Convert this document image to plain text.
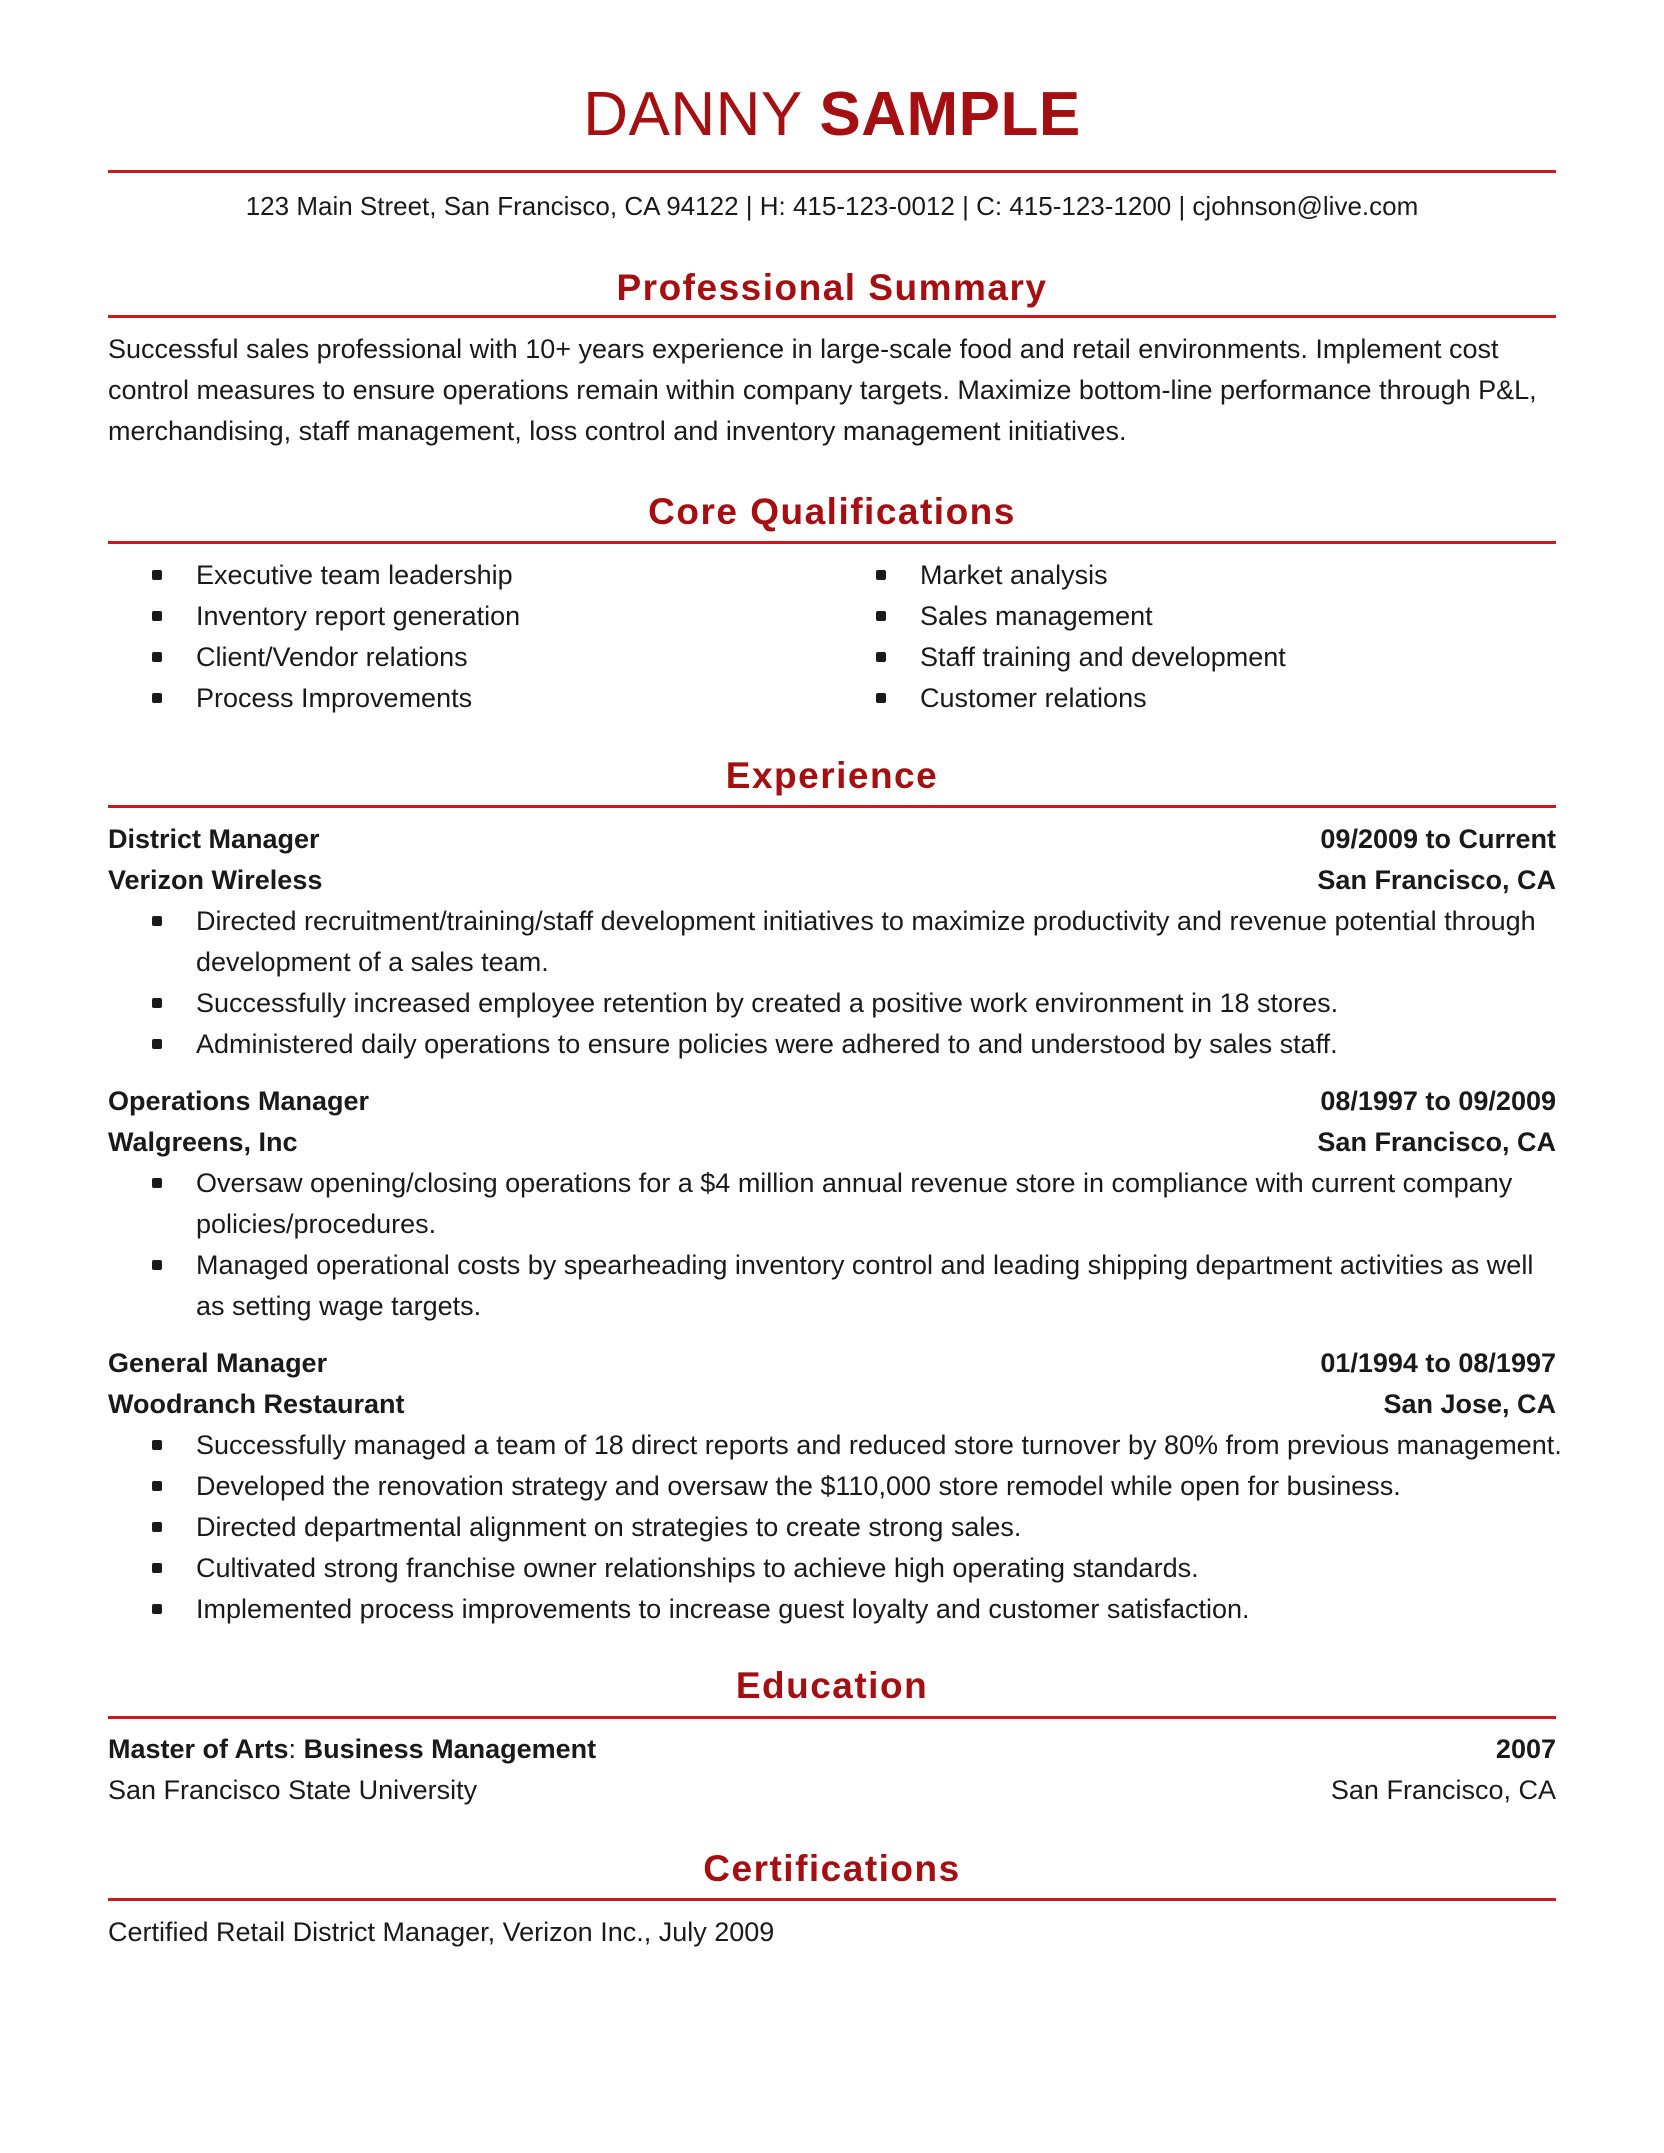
DANNY SAMPLE
123 Main Street, San Francisco, CA 94122 | H: 415-123-0012 | C: 415-123-1200 | cjohnson@live.com
Professional Summary
Successful sales professional with 10+ years experience in large-scale food and retail environments. Implement cost control measures to ensure operations remain within company targets. Maximize bottom-line performance through P&L, merchandising, staff management, loss control and inventory management initiatives.
Core Qualifications
Executive team leadership
Inventory report generation
Client/Vendor relations
Process Improvements
Market analysis
Sales management
Staff training and development
Customer relations
Experience
District Manager	09/2009 to Current
Verizon Wireless	San Francisco, CA
Directed recruitment/training/staff development initiatives to maximize productivity and revenue potential through development of a sales team.
Successfully increased employee retention by created a positive work environment in 18 stores.
Administered daily operations to ensure policies were adhered to and understood by sales staff.
Operations Manager	08/1997 to 09/2009
Walgreens, Inc	San Francisco, CA
Oversaw opening/closing operations for a $4 million annual revenue store in compliance with current company policies/procedures.
Managed operational costs by spearheading inventory control and leading shipping department activities as well as setting wage targets.
General Manager	01/1994 to 08/1997
Woodranch Restaurant	San Jose, CA
Successfully managed a team of 18 direct reports and reduced store turnover by 80% from previous management.
Developed the renovation strategy and oversaw the $110,000 store remodel while open for business.
Directed departmental alignment on strategies to create strong sales.
Cultivated strong franchise owner relationships to achieve high operating standards.
Implemented process improvements to increase guest loyalty and customer satisfaction.
Education
Master of Arts: Business Management	2007
San Francisco State University	San Francisco, CA
Certifications
Certified Retail District Manager, Verizon Inc., July 2009
